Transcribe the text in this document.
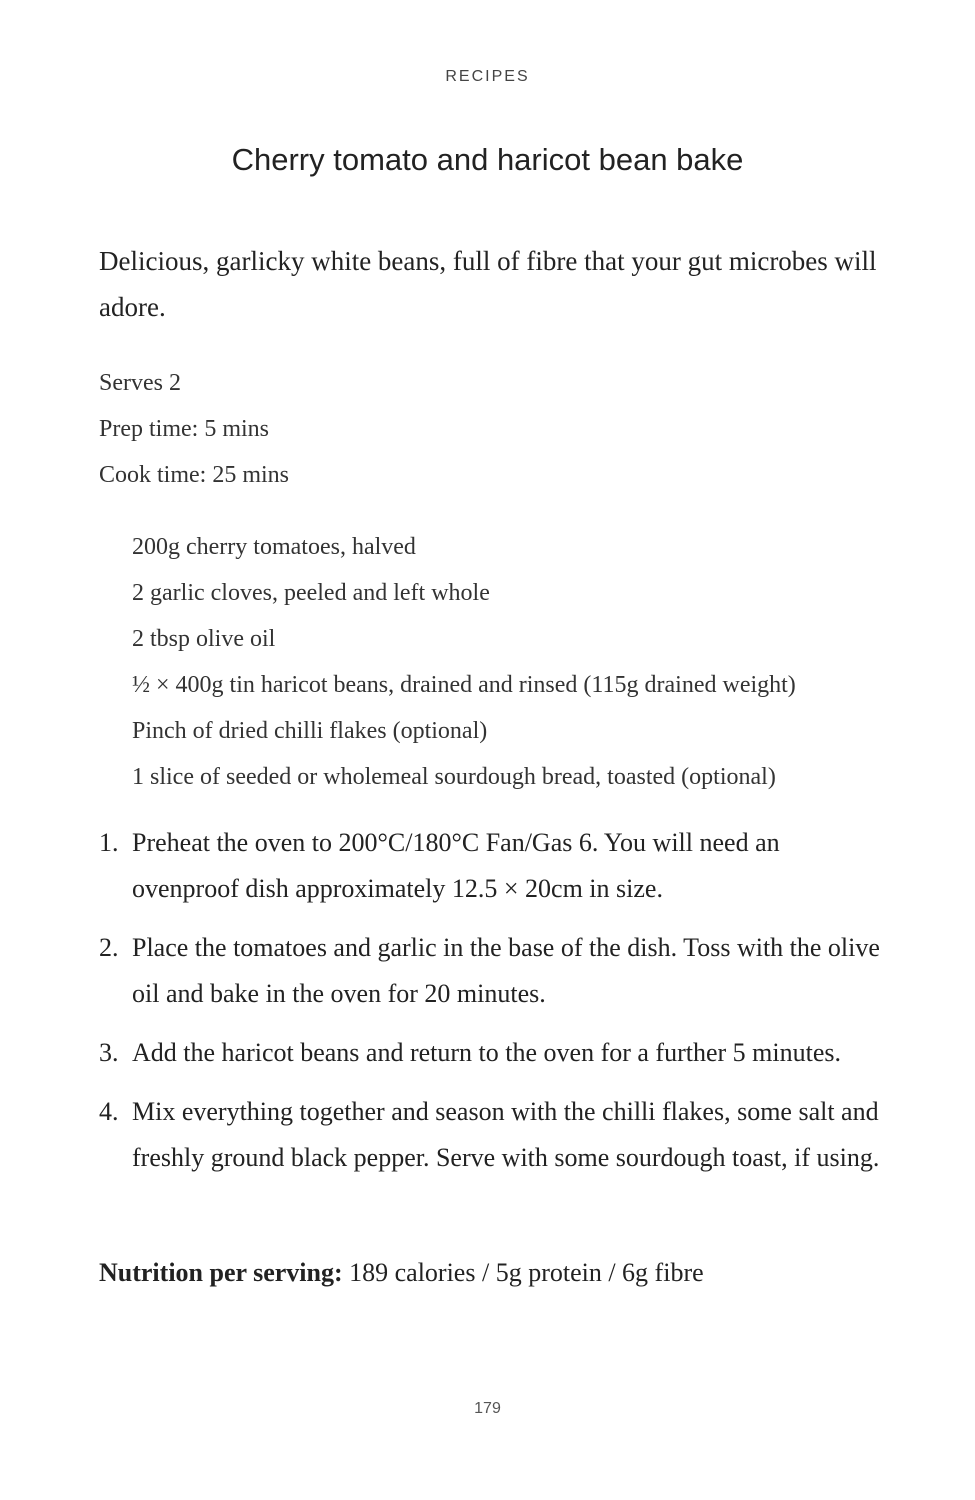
RECIPES
Cherry tomato and haricot bean bake

Delicious, garlicky white beans, full of fibre that your gut microbes will adore.

Serves 2
Prep time: 5 mins
Cook time: 25 mins
200g cherry tomatoes, halved
2 garlic cloves, peeled and left whole
2 tbsp olive oil
½ × 400g tin haricot beans, drained and rinsed (115g drained weight)
Pinch of dried chilli flakes (optional)
1 slice of seeded or wholemeal sourdough bread, toasted (optional)
1. Preheat the oven to 200°C/180°C Fan/Gas 6. You will need an ovenproof dish approximately 12.5 × 20cm in size.
2. Place the tomatoes and garlic in the base of the dish. Toss with the olive oil and bake in the oven for 20 minutes.
3. Add the haricot beans and return to the oven for a further 5 minutes.
4. Mix everything together and season with the chilli flakes, some salt and freshly ground black pepper. Serve with some sourdough toast, if using.
Nutrition per serving: 189 calories / 5g protein / 6g fibre
179
